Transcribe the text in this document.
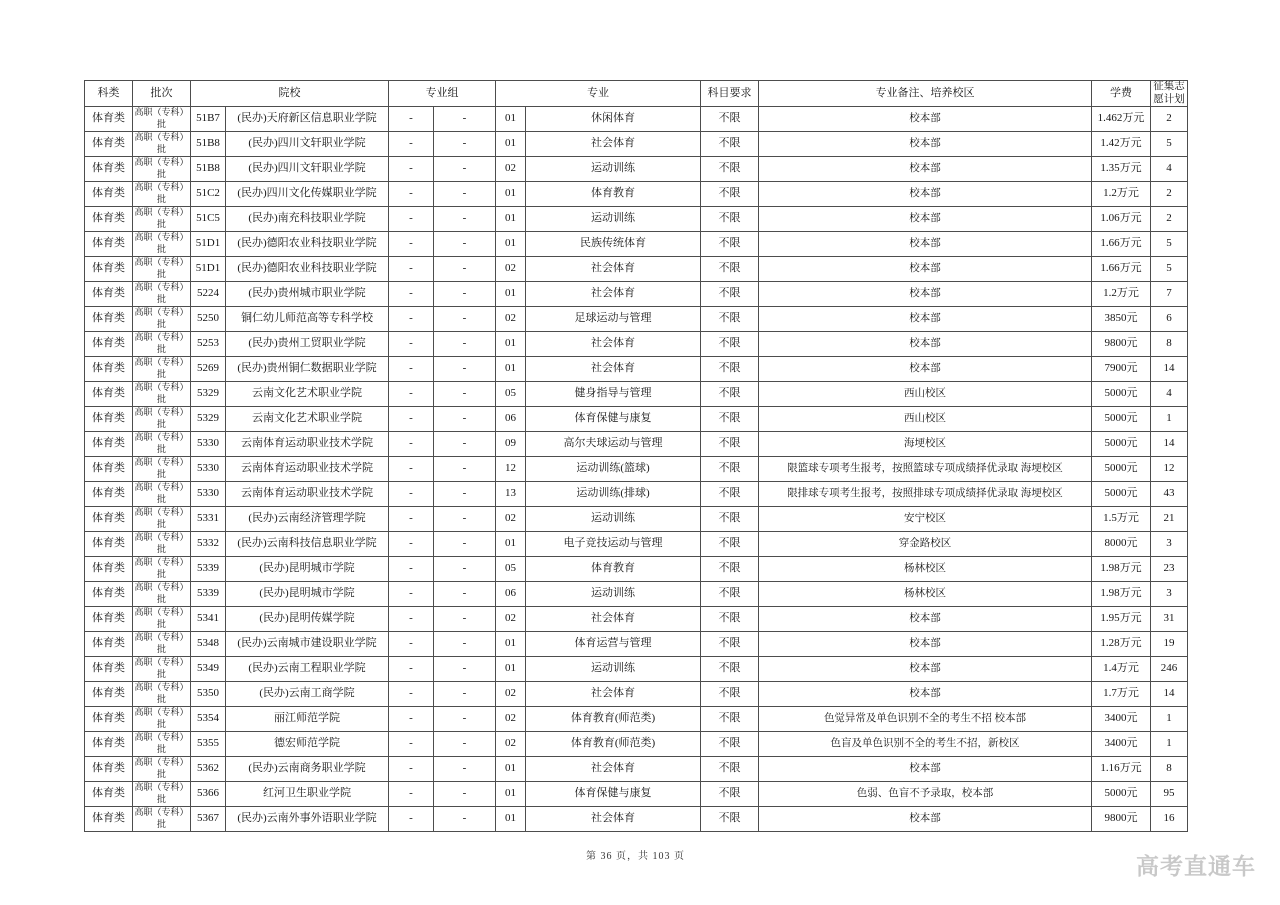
科类	批次	院校		专业组		专业		科目要求	专业备注、培养校区	学费	征集志愿计划
体育类	高职（专科）批	51B7	(民办)天府新区信息职业学院	-	-	01	休闲体育	不限	校本部	1.462万元	2
体育类	高职（专科）批	51B8	(民办)四川文轩职业学院	-	-	01	社会体育	不限	校本部	1.42万元	5
体育类	高职（专科）批	51B8	(民办)四川文轩职业学院	-	-	02	运动训练	不限	校本部	1.35万元	4
体育类	高职（专科）批	51C2	(民办)四川文化传媒职业学院	-	-	01	体育教育	不限	校本部	1.2万元	2
体育类	高职（专科）批	51C5	(民办)南充科技职业学院	-	-	01	运动训练	不限	校本部	1.06万元	2
体育类	高职（专科）批	51D1	(民办)德阳农业科技职业学院	-	-	01	民族传统体育	不限	校本部	1.66万元	5
体育类	高职（专科）批	51D1	(民办)德阳农业科技职业学院	-	-	02	社会体育	不限	校本部	1.66万元	5
体育类	高职（专科）批	5224	(民办)贵州城市职业学院	-	-	01	社会体育	不限	校本部	1.2万元	7
体育类	高职（专科）批	5250	铜仁幼儿师范高等专科学校	-	-	02	足球运动与管理	不限	校本部	3850元	6
体育类	高职（专科）批	5253	(民办)贵州工贸职业学院	-	-	01	社会体育	不限	校本部	9800元	8
体育类	高职（专科）批	5269	(民办)贵州铜仁数据职业学院	-	-	01	社会体育	不限	校本部	7900元	14
体育类	高职（专科）批	5329	云南文化艺术职业学院	-	-	05	健身指导与管理	不限	西山校区	5000元	4
体育类	高职（专科）批	5329	云南文化艺术职业学院	-	-	06	体育保健与康复	不限	西山校区	5000元	1
体育类	高职（专科）批	5330	云南体育运动职业技术学院	-	-	09	高尔夫球运动与管理	不限	海埂校区	5000元	14
体育类	高职（专科）批	5330	云南体育运动职业技术学院	-	-	12	运动训练(篮球)	不限	限篮球专项考生报考，按照篮球专项成绩择优录取 海埂校区	5000元	12
体育类	高职（专科）批	5330	云南体育运动职业技术学院	-	-	13	运动训练(排球)	不限	限排球专项考生报考，按照排球专项成绩择优录取 海埂校区	5000元	43
体育类	高职（专科）批	5331	(民办)云南经济管理学院	-	-	02	运动训练	不限	安宁校区	1.5万元	21
体育类	高职（专科）批	5332	(民办)云南科技信息职业学院	-	-	01	电子竞技运动与管理	不限	穿金路校区	8000元	3
体育类	高职（专科）批	5339	(民办)昆明城市学院	-	-	05	体育教育	不限	杨林校区	1.98万元	23
体育类	高职（专科）批	5339	(民办)昆明城市学院	-	-	06	运动训练	不限	杨林校区	1.98万元	3
体育类	高职（专科）批	5341	(民办)昆明传媒学院	-	-	02	社会体育	不限	校本部	1.95万元	31
体育类	高职（专科）批	5348	(民办)云南城市建设职业学院	-	-	01	体育运营与管理	不限	校本部	1.28万元	19
体育类	高职（专科）批	5349	(民办)云南工程职业学院	-	-	01	运动训练	不限	校本部	1.4万元	246
体育类	高职（专科）批	5350	(民办)云南工商学院	-	-	02	社会体育	不限	校本部	1.7万元	14
体育类	高职（专科）批	5354	丽江师范学院	-	-	02	体育教育(师范类)	不限	色觉异常及单色识别不全的考生不招 校本部	3400元	1
体育类	高职（专科）批	5355	德宏师范学院	-	-	02	体育教育(师范类)	不限	色盲及单色识别不全的考生不招，新校区	3400元	1
体育类	高职（专科）批	5362	(民办)云南商务职业学院	-	-	01	社会体育	不限	校本部	1.16万元	8
体育类	高职（专科）批	5366	红河卫生职业学院	-	-	01	体育保健与康复	不限	色弱、色盲不予录取，校本部	5000元	95
体育类	高职（专科）批	5367	(民办)云南外事外语职业学院	-	-	01	社会体育	不限	校本部	9800元	16
第 36 页，共 103 页	高考直通车
